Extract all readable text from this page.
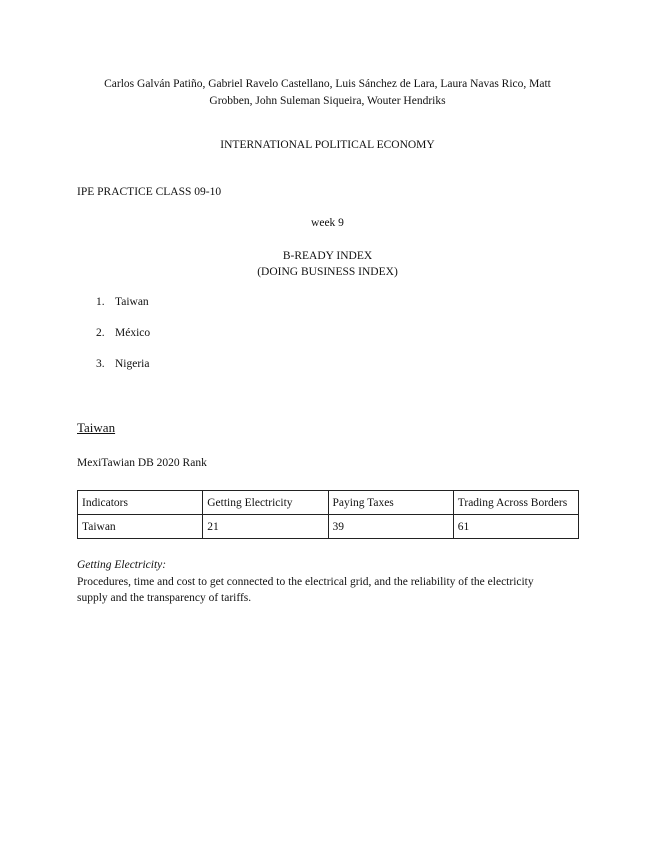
Carlos Galván Patiño, Gabriel Ravelo Castellano, Luis Sánchez de Lara, Laura Navas Rico, Matt
Grobben, John Suleman Siqueira, Wouter Hendriks
INTERNATIONAL POLITICAL ECONOMY
IPE PRACTICE CLASS 09-10
week 9
B-READY INDEX
(DOING BUSINESS INDEX)
1. Taiwan
2. México
3. Nigeria
Taiwan
MexiTawian DB 2020 Rank
Indicators	Getting Electricity	Paying Taxes	Trading Across Borders
Taiwan	21	39	61
Getting Electricity:
Procedures, time and cost to get connected to the electrical grid, and the reliability of the electricity supply and the transparency of tariffs.
